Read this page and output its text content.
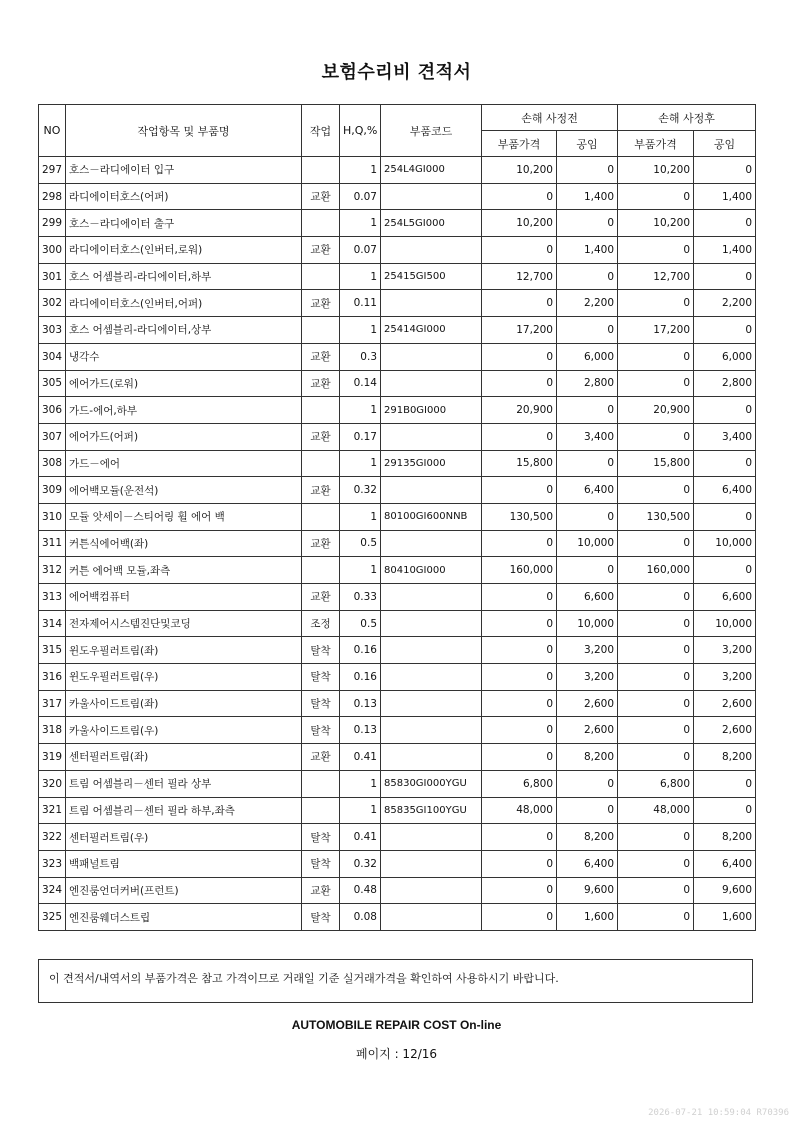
보험수리비 견적서
NO	작업항목 및 부품명	작업	H,Q,%	부품코드	손해 사정전		손해 사정후	
					부품가격	공임	부품가격	공임
297	호스－라디에이터 입구		1	254L4GI000	10,200	0	10,200	0
298	라디에이터호스(어퍼)	교환	0.07		0	1,400	0	1,400
299	호스－라디에이터 출구		1	254L5GI000	10,200	0	10,200	0
300	라디에이터호스(인버터,로워)	교환	0.07		0	1,400	0	1,400
301	호스 어셈블리-라디에이터,하부		1	25415GI500	12,700	0	12,700	0
302	라디에이터호스(인버터,어퍼)	교환	0.11		0	2,200	0	2,200
303	호스 어셈블리-라디에이터,상부		1	25414GI000	17,200	0	17,200	0
304	냉각수	교환	0.3		0	6,000	0	6,000
305	에어가드(로워)	교환	0.14		0	2,800	0	2,800
306	가드-에어,하부		1	291B0GI000	20,900	0	20,900	0
307	에어가드(어퍼)	교환	0.17		0	3,400	0	3,400
308	가드－에어		1	29135GI000	15,800	0	15,800	0
309	에어백모듈(운전석)	교환	0.32		0	6,400	0	6,400
310	모듈 앗세이－스티어링 휠 에어 백		1	80100GI600NNB	130,500	0	130,500	0
311	커튼식에어백(좌)	교환	0.5		0	10,000	0	10,000
312	커튼 에어백 모듈,좌측		1	80410GI000	160,000	0	160,000	0
313	에어백컴퓨터	교환	0.33		0	6,600	0	6,600
314	전자제어시스템진단및코딩	조정	0.5		0	10,000	0	10,000
315	윈도우필러트림(좌)	탈착	0.16		0	3,200	0	3,200
316	윈도우필러트림(우)	탈착	0.16		0	3,200	0	3,200
317	카울사이드트림(좌)	탈착	0.13		0	2,600	0	2,600
318	카울사이드트림(우)	탈착	0.13		0	2,600	0	2,600
319	센터필러트림(좌)	교환	0.41		0	8,200	0	8,200
320	트림 어셈블리－센터 필라 상부		1	85830GI000YGU	6,800	0	6,800	0
321	트림 어셈블리－센터 필라 하부,좌측		1	85835GI100YGU	48,000	0	48,000	0
322	센터필러트림(우)	탈착	0.41		0	8,200	0	8,200
323	백패널트림	탈착	0.32		0	6,400	0	6,400
324	엔진룸언더커버(프런트)	교환	0.48		0	9,600	0	9,600
325	엔진룸웨더스트립	탈착	0.08		0	1,600	0	1,600
이 견적서/내역서의 부품가격은 참고 가격이므로 거래일 기준 실거래가격을 확인하여 사용하시기 바랍니다.
AUTOMOBILE REPAIR COST On-line
페이지 : 12/16
2026-07-21 10:59:04 R70396
